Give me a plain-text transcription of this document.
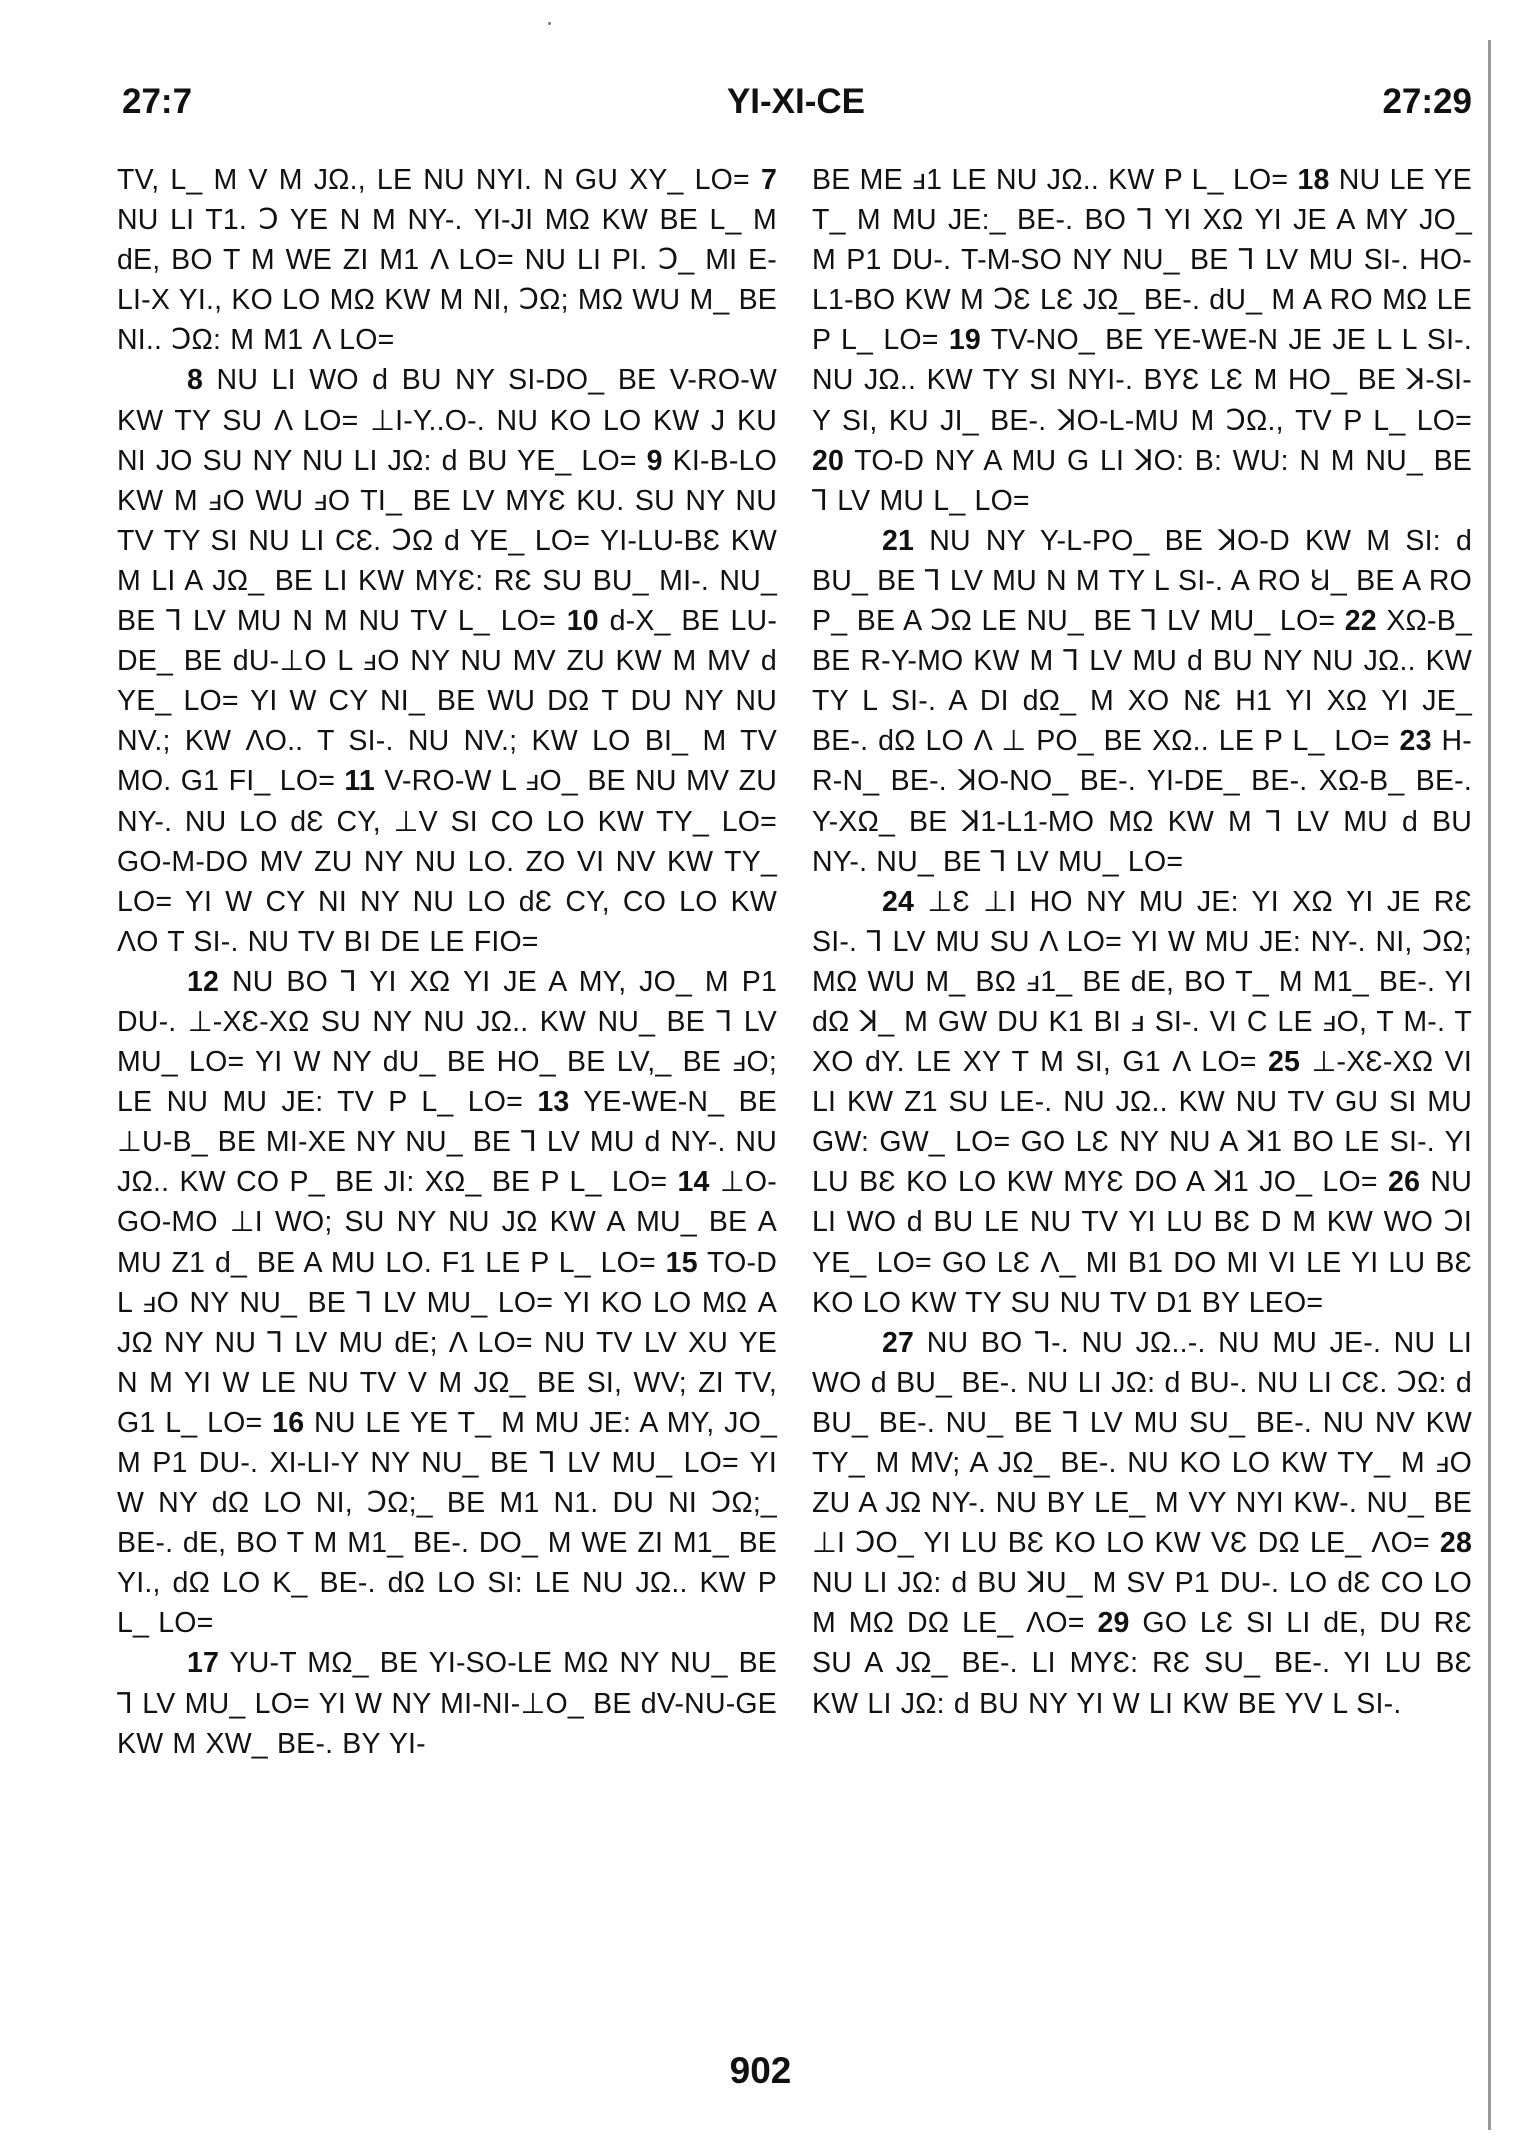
27:7	YI-XI-CE	27:29

TV, L_ M V M JΩ., LE NU NYI. N GU XY_ LO= 7 NU LI T1. Ↄ YE N M NY-. YI-JI MΩ KW BE L_ M dE, BO T M WE ZI M1 Λ LO= NU LI PI. Ↄ_ MI E-LI-X YI., KO LO MΩ KW M NI, ↃΩ; MΩ WU M_ BE NI.. ↃΩ: M M1 Λ LO=

8 NU LI WO d BU NY SI-DO_ BE V-RO-W KW TY SU Λ LO= ⊥I-Y..O-. NU KO LO KW J KU NI JO SU NY NU LI JΩ: d BU YE_ LO= 9 KI-B-LO KW M ⅎO WU ⅎO TI_ BE LV MYƐ KU. SU NY NU TV TY SI NU LI CƐ. ↃΩ d YE_ LO= YI-LU-BƐ KW M LI A JΩ_ BE LI KW MYƐ: RƐ SU BU_ MI-. NU_ BE ⅂ LV MU N M NU TV L_ LO= 10 d-X_ BE LU-DE_ BE dU-⊥O L ⅎO NY NU MV ZU KW M MV d YE_ LO= YI W CY NI_ BE WU DΩ T DU NY NU NV.; KW ΛO.. T SI-. NU NV.; KW LO BI_ M TV MO. G1 FI_ LO= 11 V-RO-W L ⅎO_ BE NU MV ZU NY-. NU LO dƐ CY, ⊥V SI CO LO KW TY_ LO= GO-M-DO MV ZU NY NU LO. ZO VI NV KW TY_ LO= YI W CY NI NY NU LO dƐ CY, CO LO KW ΛO T SI-. NU TV BI DE LE FIO=

12 NU BO ⅂ YI XΩ YI JE A MY, JO_ M P1 DU-. ⊥-XƐ-XΩ SU NY NU JΩ.. KW NU_ BE ⅂ LV MU_ LO= YI W NY dU_ BE HO_ BE LV,_ BE ⅎO; LE NU MU JE: TV P L_ LO= 13 YE-WE-N_ BE ⊥U-B_ BE MI-XE NY NU_ BE ⅂ LV MU d NY-. NU JΩ.. KW CO P_ BE JI: XΩ_ BE P L_ LO= 14 ⊥O-GO-MO ⊥I WO; SU NY NU JΩ KW A MU_ BE A MU Z1 d_ BE A MU LO. F1 LE P L_ LO= 15 TO-D L ⅎO NY NU_ BE ⅂ LV MU_ LO= YI KO LO MΩ A JΩ NY NU ⅂ LV MU dE; Λ LO= NU TV LV XU YE N M YI W LE NU TV V M JΩ_ BE SI, WV; ZI TV, G1 L_ LO= 16 NU LE YE T_ M MU JE: A MY, JO_ M P1 DU-. XI-LI-Y NY NU_ BE ⅂ LV MU_ LO= YI W NY dΩ LO NI, ↃΩ;_ BE M1 N1. DU NI ↃΩ;_ BE-. dE, BO T M M1_ BE-. DO_ M WE ZI M1_ BE YI., dΩ LO K_ BE-. dΩ LO SI: LE NU JΩ.. KW P L_ LO=

17 YU-T MΩ_ BE YI-SO-LE MΩ NY NU_ BE ⅂ LV MU_ LO= YI W NY MI-NI-⊥O_ BE dV-NU-GE KW M XW_ BE-. BY YI-

BE ME ⅎ1 LE NU JΩ.. KW P L_ LO= 18 NU LE YE T_ M MU JE:_ BE-. BO ⅂ YI XΩ YI JE A MY JO_ M P1 DU-. T-M-SO NY NU_ BE ⅂ LV MU SI-. HO-L1-BO KW M ↃƐ LƐ JΩ_ BE-. dU_ M A RO MΩ LE P L_ LO= 19 TV-NO_ BE YE-WE-N JE JE L L SI-. NU JΩ.. KW TY SI NYI-. BYƐ LƐ M HO_ BE ꓘ-SI-Y SI, KU JI_ BE-. ꓘO-L-MU M ↃΩ., TV P L_ LO= 20 TO-D NY A MU G LI ꓘO: B: WU: N M NU_ BE ⅂ LV MU L_ LO=

21 NU NY Y-L-PO_ BE ꓘO-D KW M SI: d BU_ BE ⅂ LV MU N M TY L SI-. A RO Ꞟ_ BE A RO P_ BE A ↃΩ LE NU_ BE ⅂ LV MU_ LO= 22 XΩ-B_ BE R-Y-MO KW M ⅂ LV MU d BU NY NU JΩ.. KW TY L SI-. A DI dΩ_ M XO NƐ H1 YI XΩ YI JE_ BE-. dΩ LO Λ ⊥ PO_ BE XΩ.. LE P L_ LO= 23 H-R-N_ BE-. ꓘO-NO_ BE-. YI-DE_ BE-. XΩ-B_ BE-. Y-XΩ_ BE ꓘ1-L1-MO MΩ KW M ⅂ LV MU d BU NY-. NU_ BE ⅂ LV MU_ LO=

24 ⊥Ɛ ⊥I HO NY MU JE: YI XΩ YI JE RƐ SI-. ⅂ LV MU SU Λ LO= YI W MU JE: NY-. NI, ↃΩ; MΩ WU M_ BΩ ⅎ1_ BE dE, BO T_ M M1_ BE-. YI dΩ ꓘ_ M GW DU K1 BI ⅎ SI-. VI C LE ⅎO, T M-. T XO dY. LE XY T M SI, G1 Λ LO= 25 ⊥-XƐ-XΩ VI LI KW Z1 SU LE-. NU JΩ.. KW NU TV GU SI MU GW: GW_ LO= GO LƐ NY NU A ꓘ1 BO LE SI-. YI LU BƐ KO LO KW MYƐ DO A ꓘ1 JO_ LO= 26 NU LI WO d BU LE NU TV YI LU BƐ D M KW WO ↃI YE_ LO= GO LƐ Λ_ MI B1 DO MI VI LE YI LU BƐ KO LO KW TY SU NU TV D1 BY LEO=

27 NU BO ⅂-. NU JΩ..-. NU MU JE-. NU LI WO d BU_ BE-. NU LI JΩ: d BU-. NU LI CƐ. ↃΩ: d BU_ BE-. NU_ BE ⅂ LV MU SU_ BE-. NU NV KW TY_ M MV; A JΩ_ BE-. NU KO LO KW TY_ M ⅎO ZU A JΩ NY-. NU BY LE_ M VY NYI KW-. NU_ BE ⊥I ↃO_ YI LU BƐ KO LO KW VƐ DΩ LE_ ΛO= 28 NU LI JΩ: d BU ꓘU_ M SV P1 DU-. LO dƐ CO LO M MΩ DΩ LE_ ΛO= 29 GO LƐ SI LI dE, DU RƐ SU A JΩ_ BE-. LI MYƐ: RƐ SU_ BE-. YI LU BƐ KW LI JΩ: d BU NY YI W LI KW BE YV L SI-.

902
